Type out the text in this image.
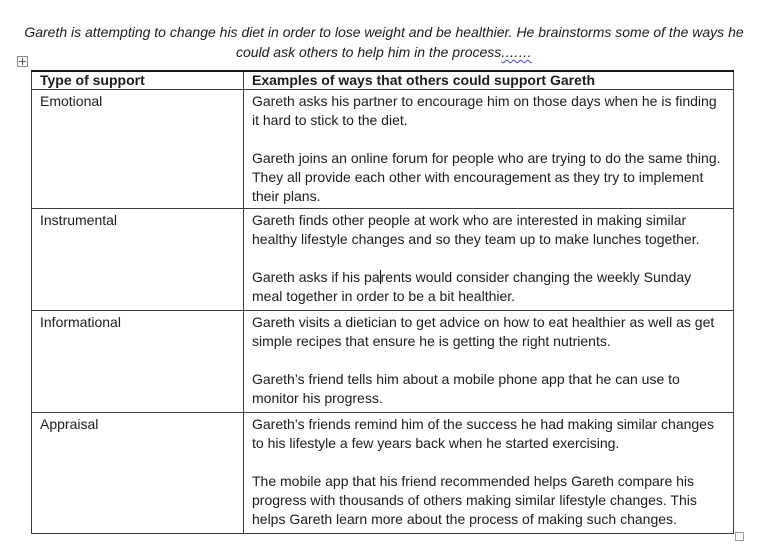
Gareth is attempting to change his diet in order to lose weight and be healthier. He brainstorms some of the ways he could ask others to help him in the process.......

Type of support	Examples of ways that others could support Gareth
Emotional	Gareth asks his partner to encourage him on those days when he is finding it hard to stick to the diet.

Gareth joins an online forum for people who are trying to do the same thing. They all provide each other with encouragement as they try to implement their plans.

Instrumental	Gareth finds other people at work who are interested in making similar healthy lifestyle changes and so they team up to make lunches together.

Gareth asks if his parents would consider changing the weekly Sunday meal together in order to be a bit healthier.

Informational	Gareth visits a dietician to get advice on how to eat healthier as well as get simple recipes that ensure he is getting the right nutrients.

Gareth’s friend tells him about a mobile phone app that he can use to monitor his progress.

Appraisal	Gareth’s friends remind him of the success he had making similar changes to his lifestyle a few years back when he started exercising.

The mobile app that his friend recommended helps Gareth compare his progress with thousands of others making similar lifestyle changes. This helps Gareth learn more about the process of making such changes.
